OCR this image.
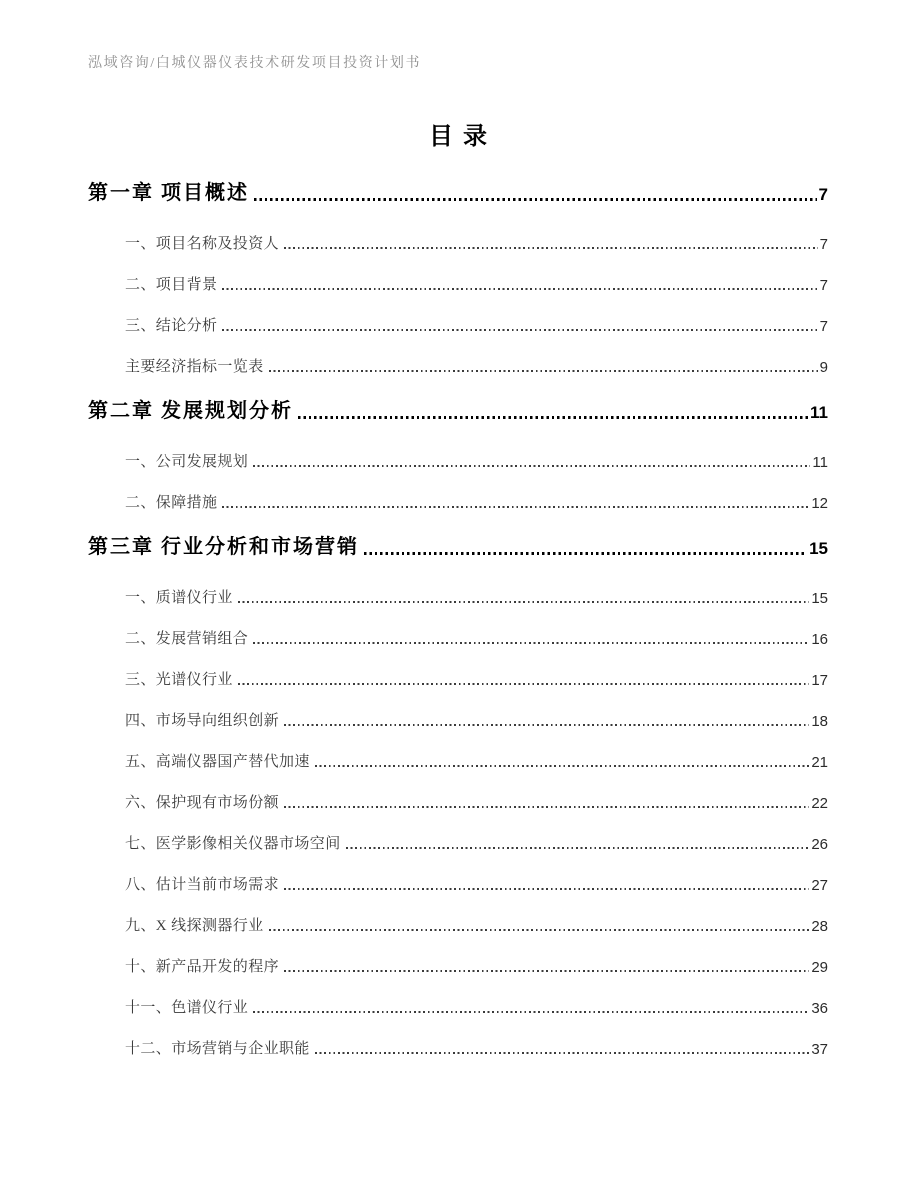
泓域咨询/白城仪器仪表技术研发项目投资计划书
目录
第一章 项目概述	7
一、项目名称及投资人	7
二、项目背景	7
三、结论分析	7
主要经济指标一览表	9
第二章 发展规划分析	11
一、公司发展规划	11
二、保障措施	12
第三章 行业分析和市场营销	15
一、质谱仪行业	15
二、发展营销组合	16
三、光谱仪行业	17
四、市场导向组织创新	18
五、高端仪器国产替代加速	21
六、保护现有市场份额	22
七、医学影像相关仪器市场空间	26
八、估计当前市场需求	27
九、X 线探测器行业	28
十、新产品开发的程序	29
十一、色谱仪行业	36
十二、市场营销与企业职能	37
